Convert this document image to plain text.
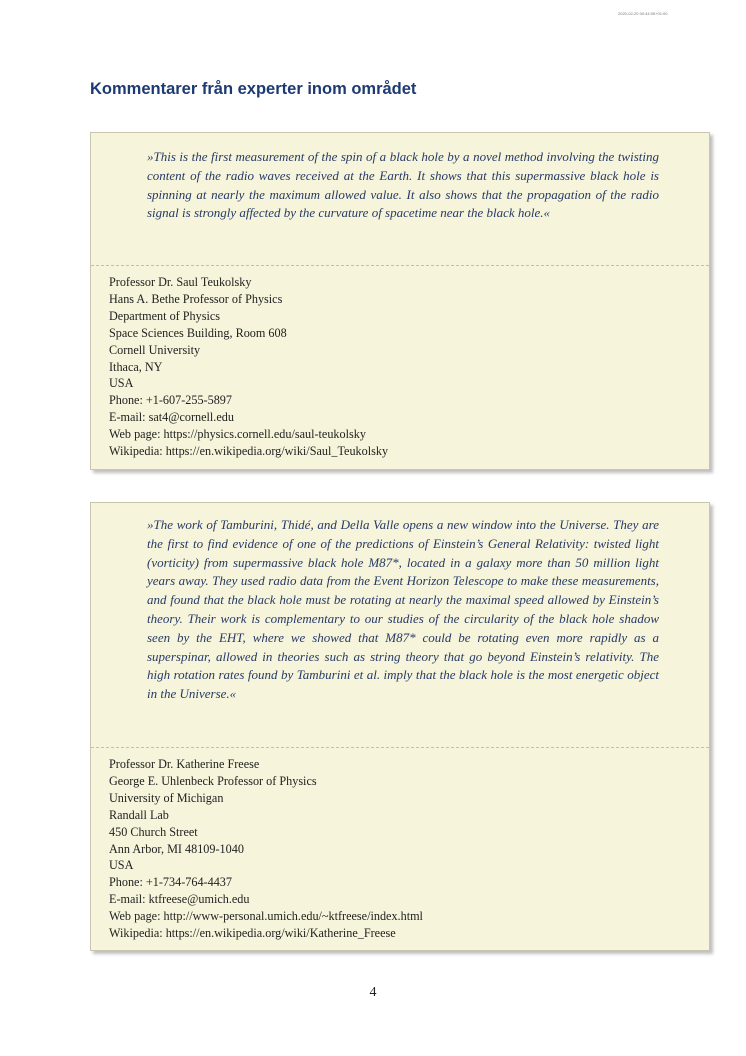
2020-02-20 00:44:05+01:00
Kommentarer från experter inom området

»This is the first measurement of the spin of a black hole by a novel method involving the twisting content of the radio waves received at the Earth. It shows that this supermassive black hole is spinning at nearly the maximum allowed value. It also shows that the propagation of the radio signal is strongly affected by the curvature of spacetime near the black hole.«

Professor Dr. Saul Teukolsky
Hans A. Bethe Professor of Physics
Department of Physics
Space Sciences Building, Room 608
Cornell University
Ithaca, NY
USA
Phone: +1-607-255-5897
E-mail: sat4@cornell.edu
Web page: https://physics.cornell.edu/saul-teukolsky
Wikipedia: https://en.wikipedia.org/wiki/Saul_Teukolsky

»The work of Tamburini, Thidé, and Della Valle opens a new window into the Universe. They are the first to find evidence of one of the predictions of Einstein’s General Relativity: twisted light (vorticity) from supermassive black hole M87*, located in a galaxy more than 50 million light years away. They used radio data from the Event Horizon Telescope to make these measurements, and found that the black hole must be rotating at nearly the maximal speed allowed by Einstein’s theory. Their work is complementary to our studies of the circularity of the black hole shadow seen by the EHT, where we showed that M87* could be rotating even more rapidly as a superspinar, allowed in theories such as string theory that go beyond Einstein’s relativity. The high rotation rates found by Tamburini et al. imply that the black hole is the most energetic object in the Universe.«

Professor Dr. Katherine Freese
George E. Uhlenbeck Professor of Physics
University of Michigan
Randall Lab
450 Church Street
Ann Arbor, MI 48109-1040
USA
Phone: +1-734-764-4437
E-mail: ktfreese@umich.edu
Web page: http://www-personal.umich.edu/~ktfreese/index.html
Wikipedia: https://en.wikipedia.org/wiki/Katherine_Freese

4
